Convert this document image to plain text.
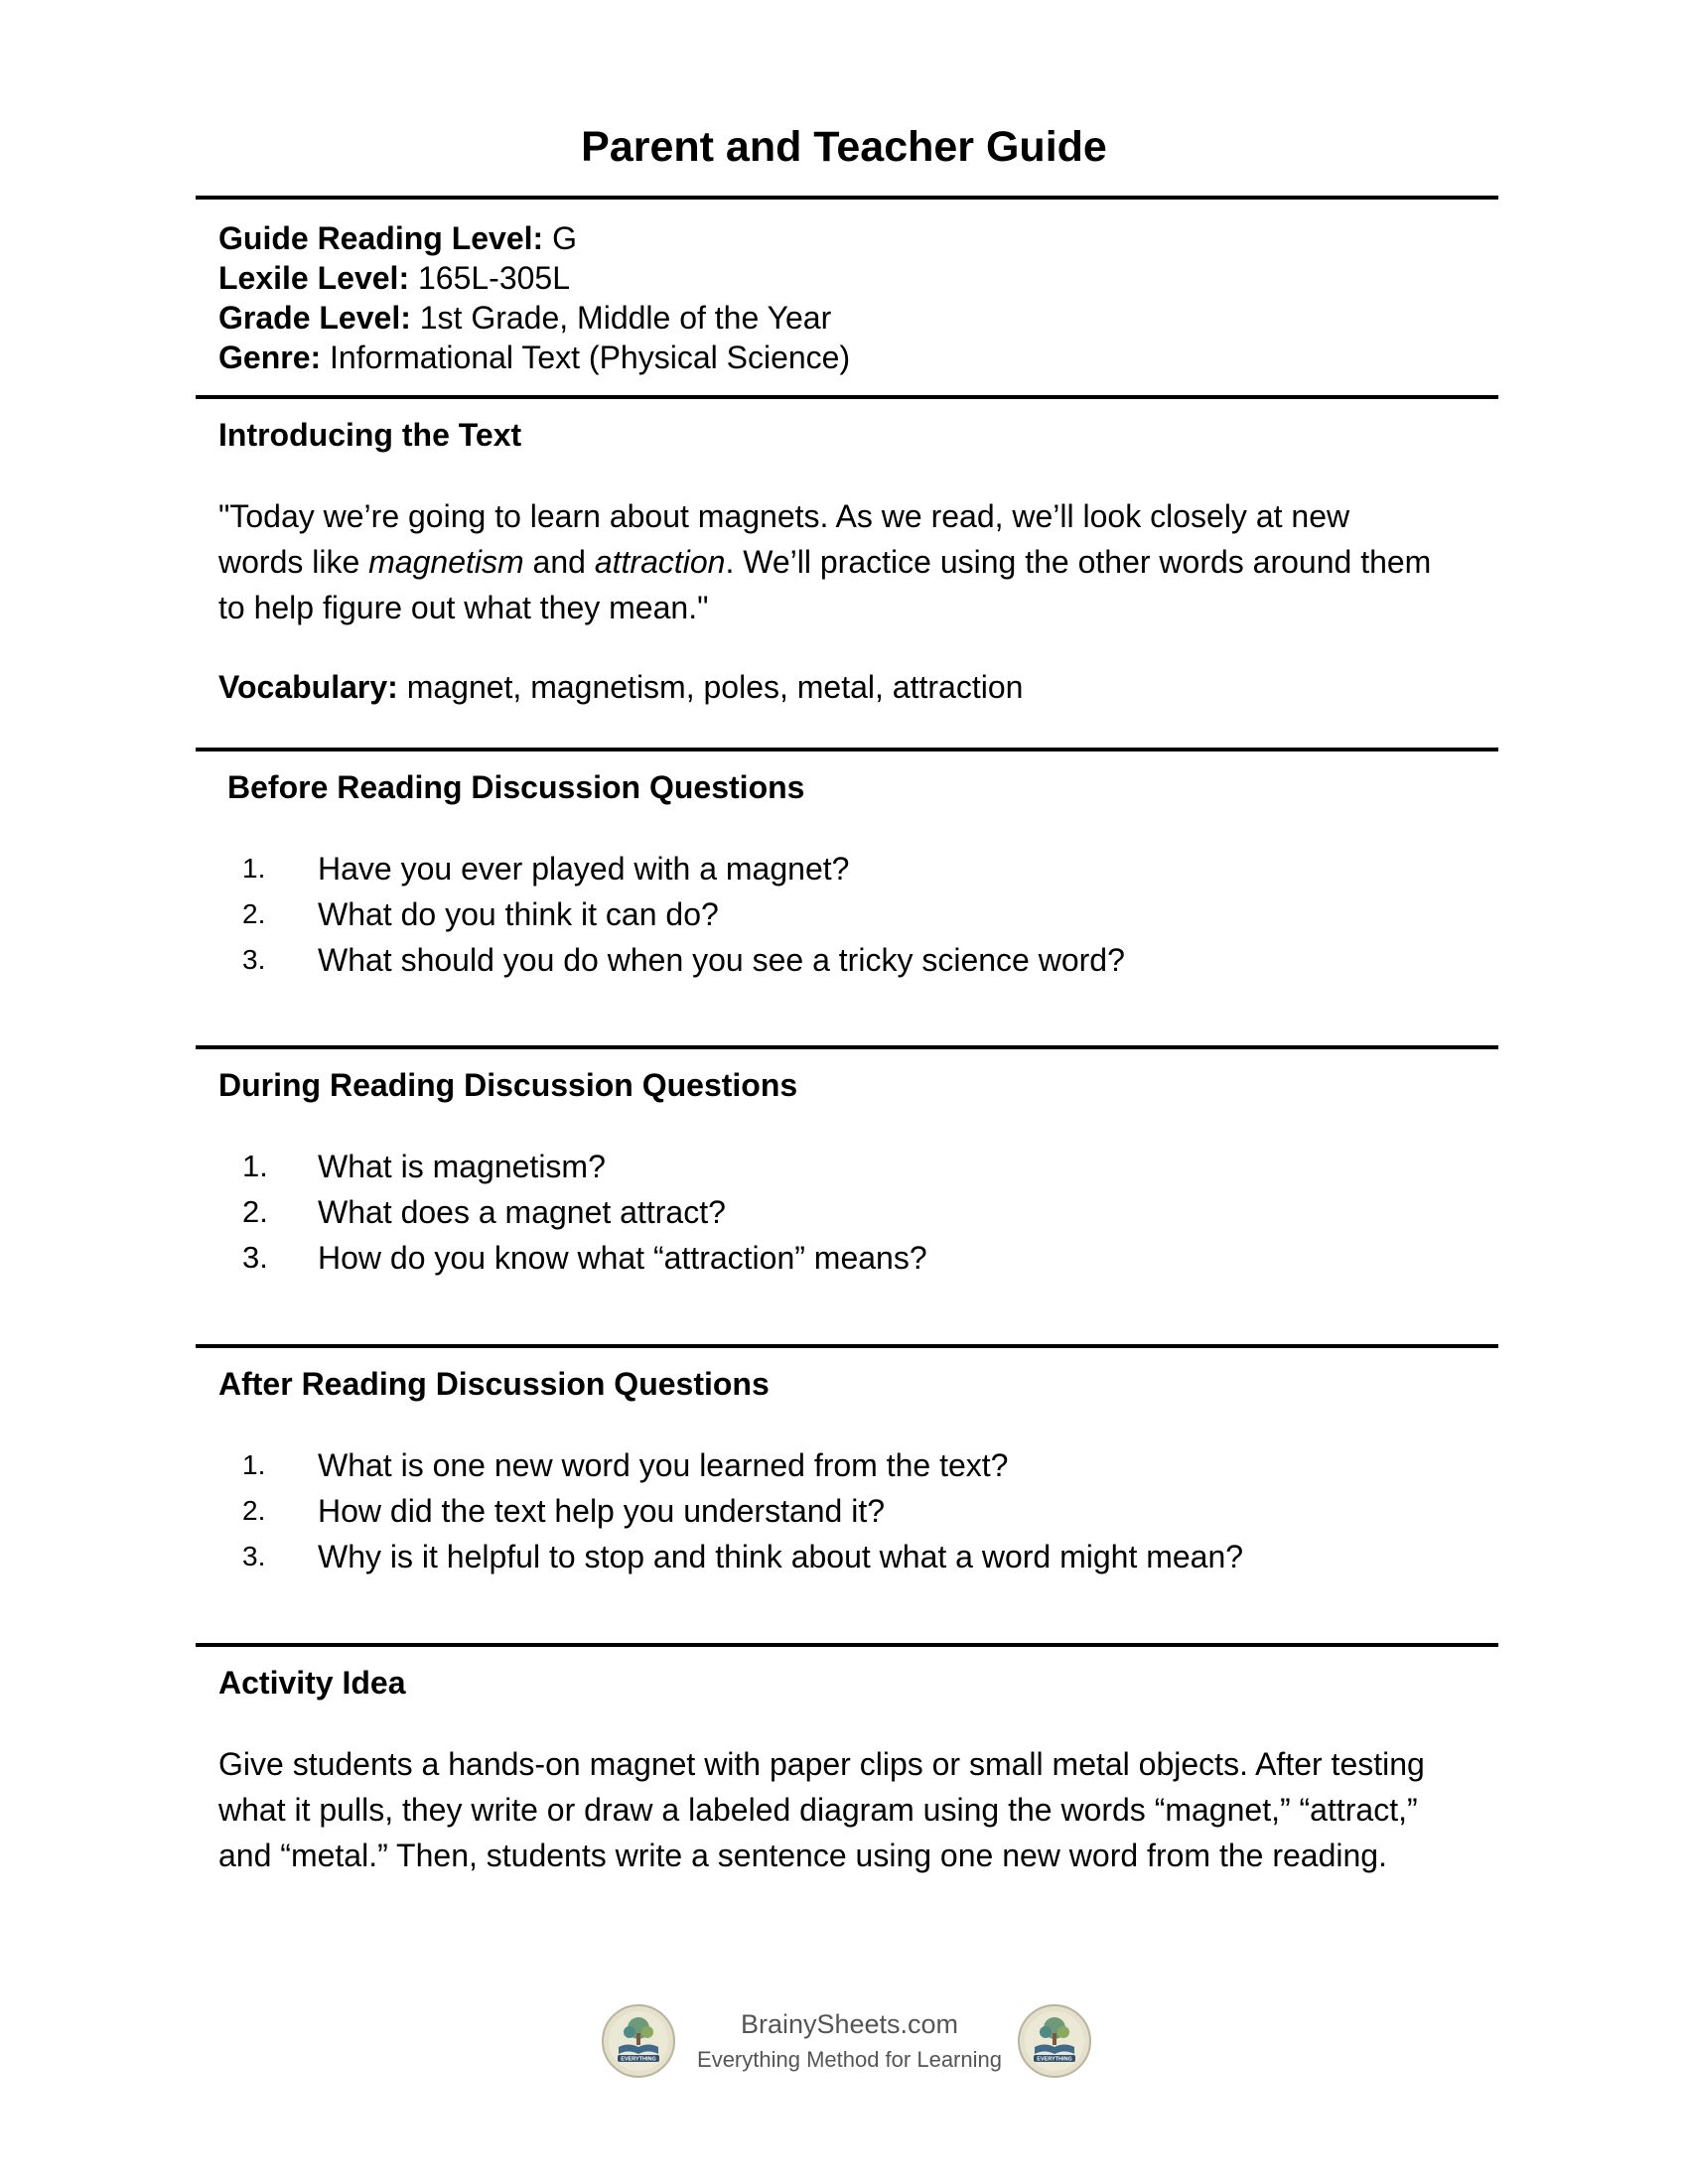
Parent and Teacher Guide
Guide Reading Level: G
Lexile Level: 165L-305L
Grade Level: 1st Grade, Middle of the Year
Genre: Informational Text (Physical Science)
Introducing the Text
"Today we’re going to learn about magnets. As we read, we’ll look closely at new words like magnetism and attraction. We’ll practice using the other words around them to help figure out what they mean."
Vocabulary: magnet, magnetism, poles, metal, attraction
Before Reading Discussion Questions
1. Have you ever played with a magnet?
2. What do you think it can do?
3. What should you do when you see a tricky science word?
During Reading Discussion Questions
1. What is magnetism?
2. What does a magnet attract?
3. How do you know what “attraction” means?
After Reading Discussion Questions
1. What is one new word you learned from the text?
2. How did the text help you understand it?
3. Why is it helpful to stop and think about what a word might mean?
Activity Idea
Give students a hands-on magnet with paper clips or small metal objects. After testing what it pulls, they write or draw a labeled diagram using the words “magnet,” “attract,” and “metal.” Then, students write a sentence using one new word from the reading.
EVERYTHING
BrainySheets.com
Everything Method for Learning	EVERYTHING
